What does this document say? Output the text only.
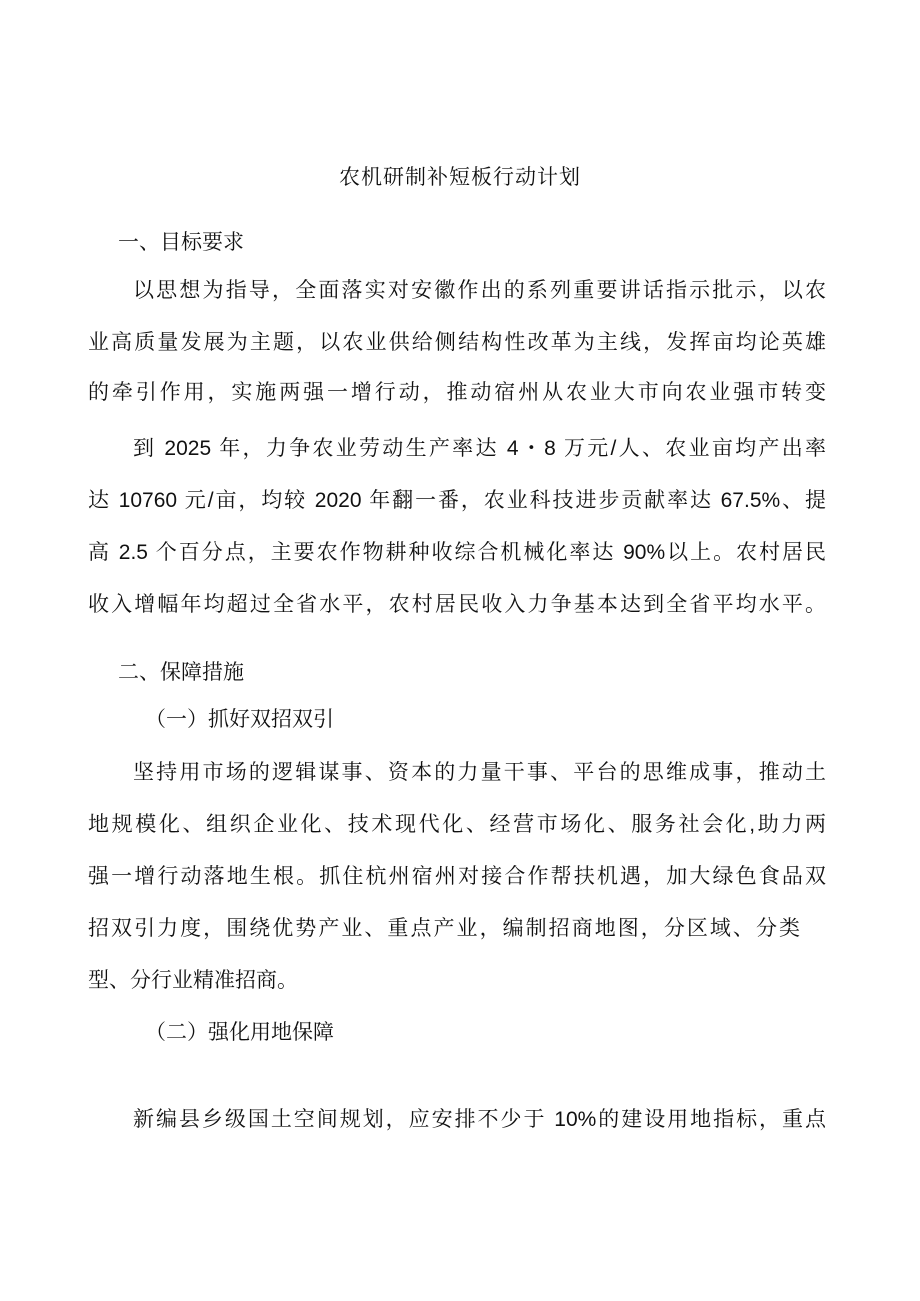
农机研制补短板行动计划
一、目标要求
以思想为指导，全面落实对安徽作出的系列重要讲话指示批示，以农
业高质量发展为主题，以农业供给侧结构性改革为主线，发挥亩均论英雄
的牵引作用，实施两强一增行动，推动宿州从农业大市向农业强市转变
到 2025 年，力争农业劳动生产率达 4・8 万元/人、农业亩均产出率
达 10760 元/亩，均较 2020 年翻一番，农业科技进步贡献率达 67.5%、提
高 2.5 个百分点，主要农作物耕种收综合机械化率达 90%以上。农村居民
收入增幅年均超过全省水平，农村居民收入力争基本达到全省平均水平。
二、保障措施
（一）抓好双招双引
坚持用市场的逻辑谋事、资本的力量干事、平台的思维成事，推动土
地规模化、组织企业化、技术现代化、经营市场化、服务社会化,助力两
强一增行动落地生根。抓住杭州宿州对接合作帮扶机遇，加大绿色食品双
招双引力度，围绕优势产业、重点产业，编制招商地图，分区域、分类
型、分行业精准招商。
（二）强化用地保障
新编县乡级国土空间规划，应安排不少于 10%的建设用地指标，重点
